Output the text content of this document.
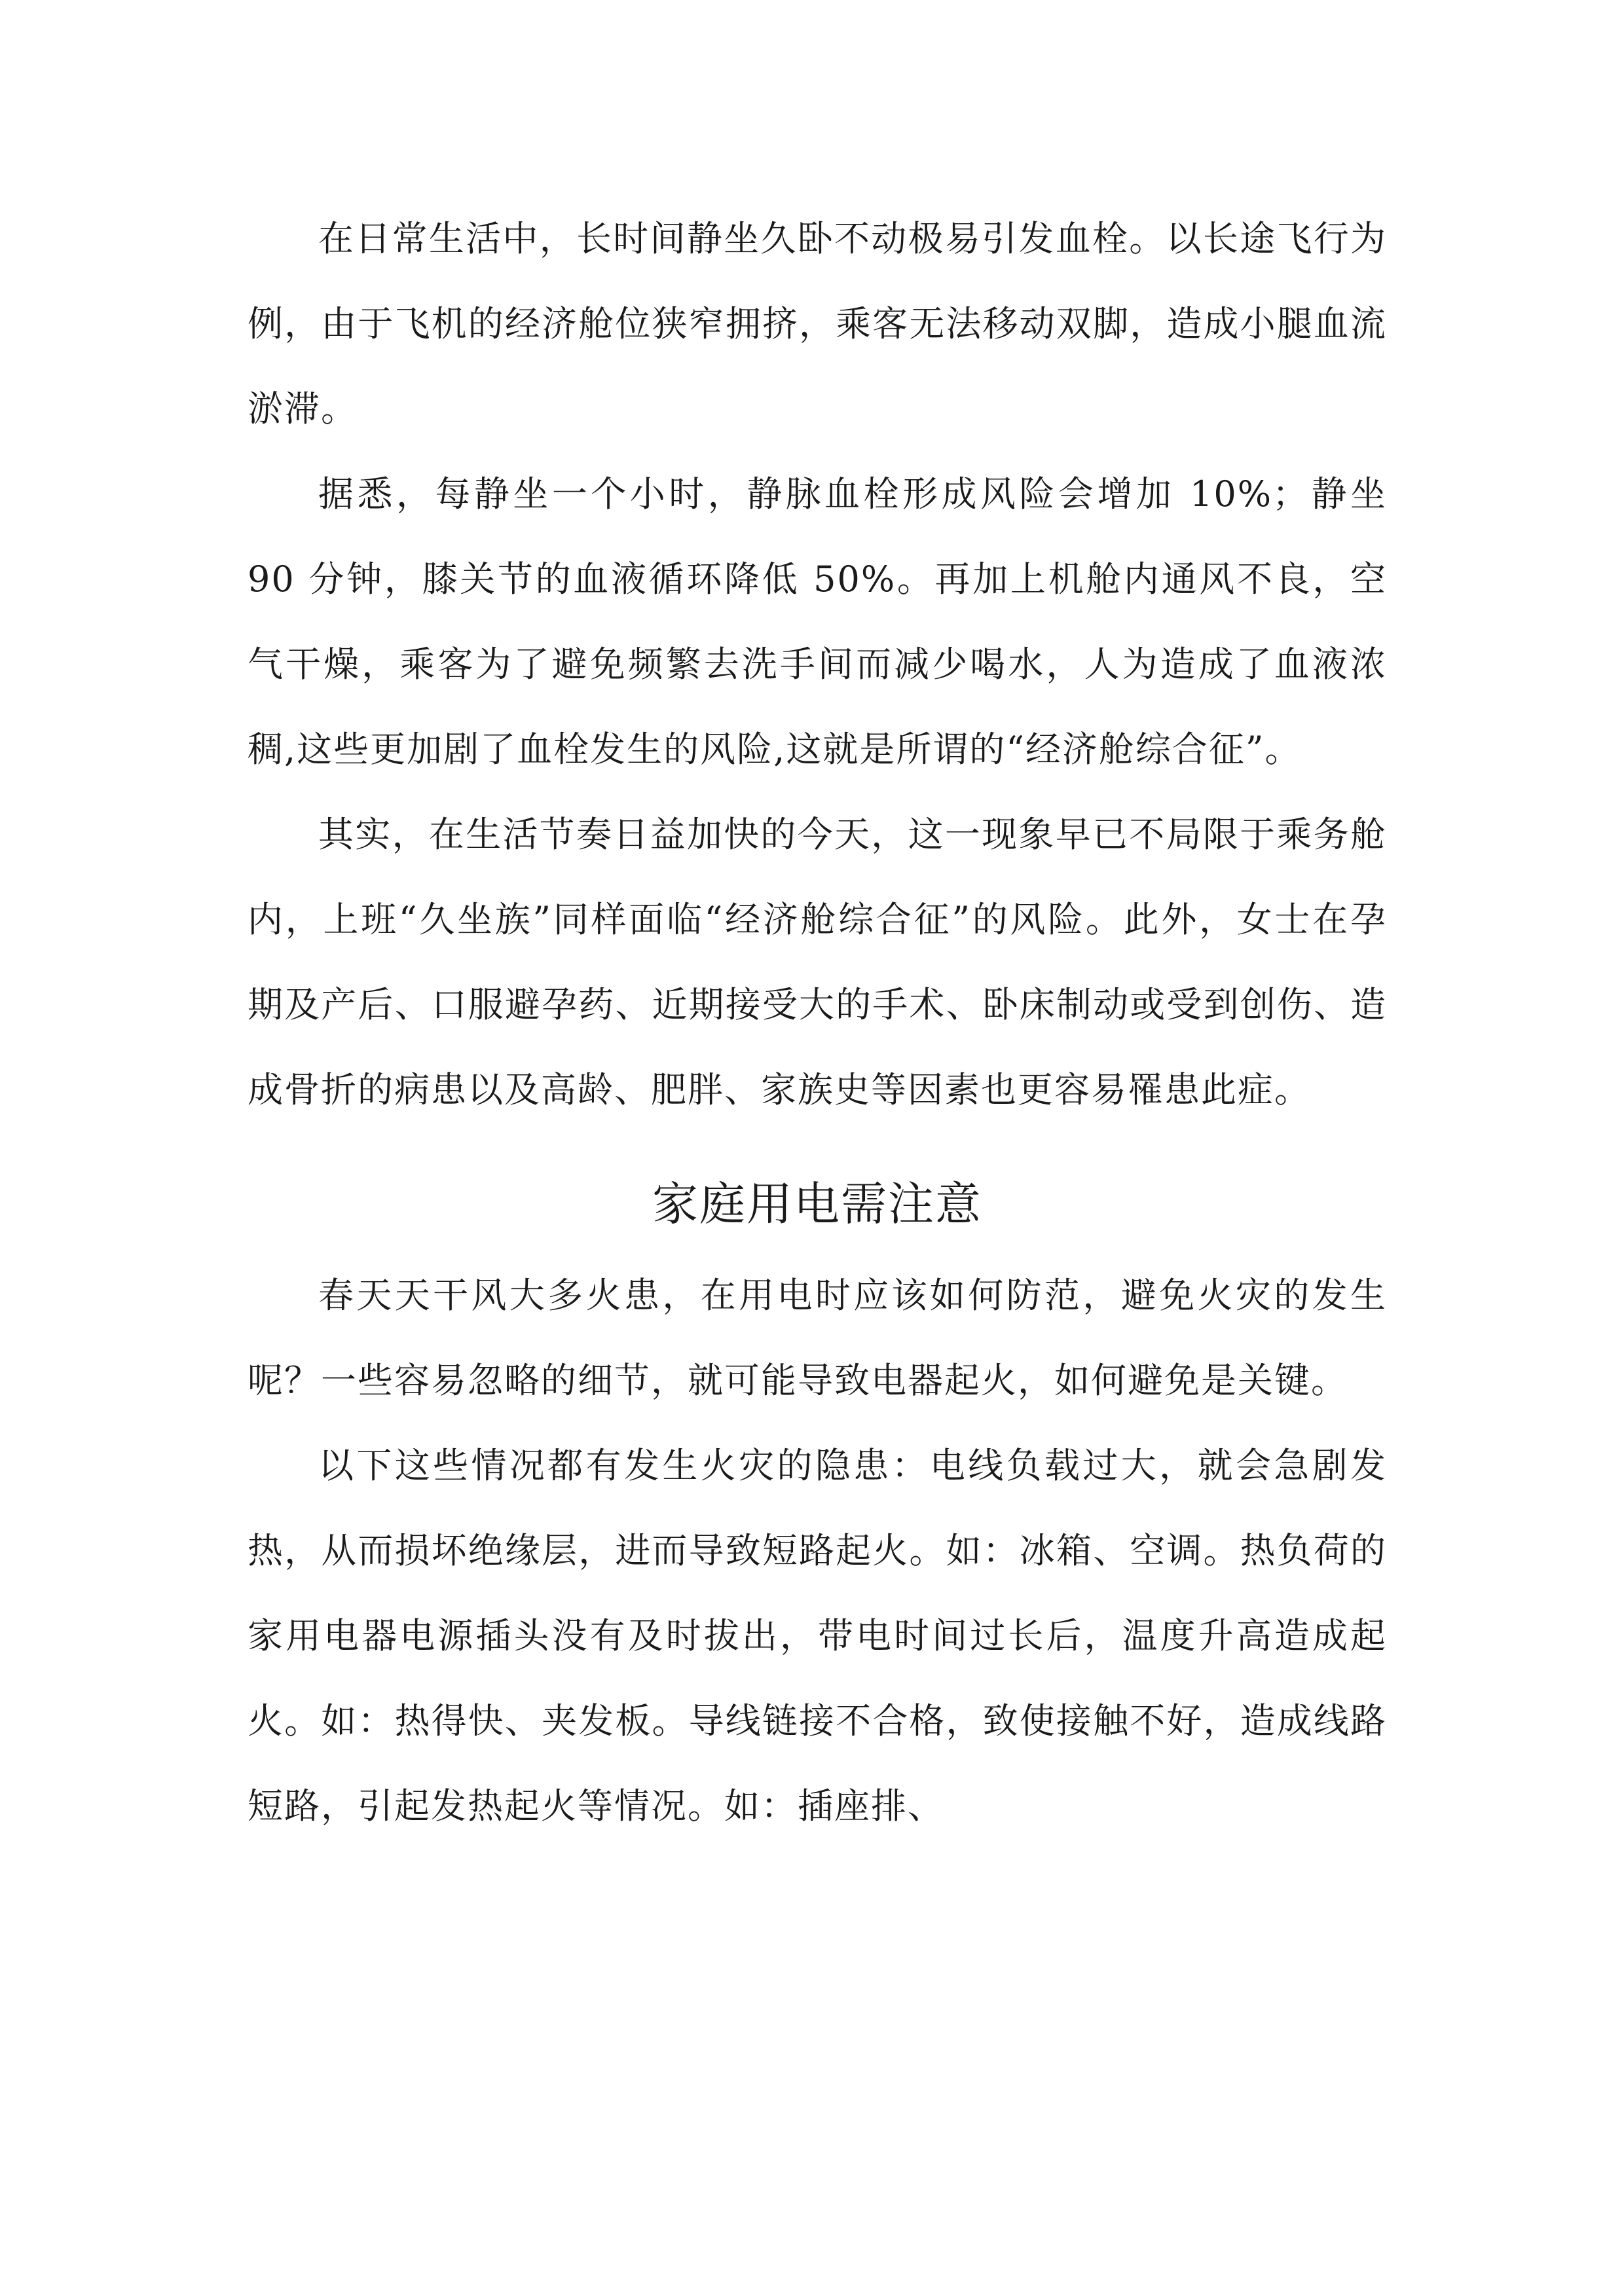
在日常生活中，长时间静坐久卧不动极易引发血栓。以长途飞行为例，由于飞机的经济舱位狭窄拥挤，乘客无法移动双脚，造成小腿血流淤滞。

据悉，每静坐一个小时，静脉血栓形成风险会增加 10%；静坐 90 分钟，膝关节的血液循环降低 50%。再加上机舱内通风不良，空气干燥，乘客为了避免频繁去洗手间而减少喝水，人为造成了血液浓稠,这些更加剧了血栓发生的风险,这就是所谓的“经济舱综合征”。

其实，在生活节奏日益加快的今天，这一现象早已不局限于乘务舱内，上班“久坐族”同样面临“经济舱综合征”的风险。此外，女士在孕期及产后、口服避孕药、近期接受大的手术、卧床制动或受到创伤、造成骨折的病患以及高龄、肥胖、家族史等因素也更容易罹患此症。

家庭用电需注意

春天天干风大多火患，在用电时应该如何防范，避免火灾的发生呢？一些容易忽略的细节，就可能导致电器起火，如何避免是关键。

以下这些情况都有发生火灾的隐患：电线负载过大，就会急剧发热，从而损坏绝缘层，进而导致短路起火。如：冰箱、空调。热负荷的家用电器电源插头没有及时拔出，带电时间过长后，温度升高造成起火。如：热得快、夹发板。导线链接不合格，致使接触不好，造成线路短路，引起发热起火等情况。如：插座排、
